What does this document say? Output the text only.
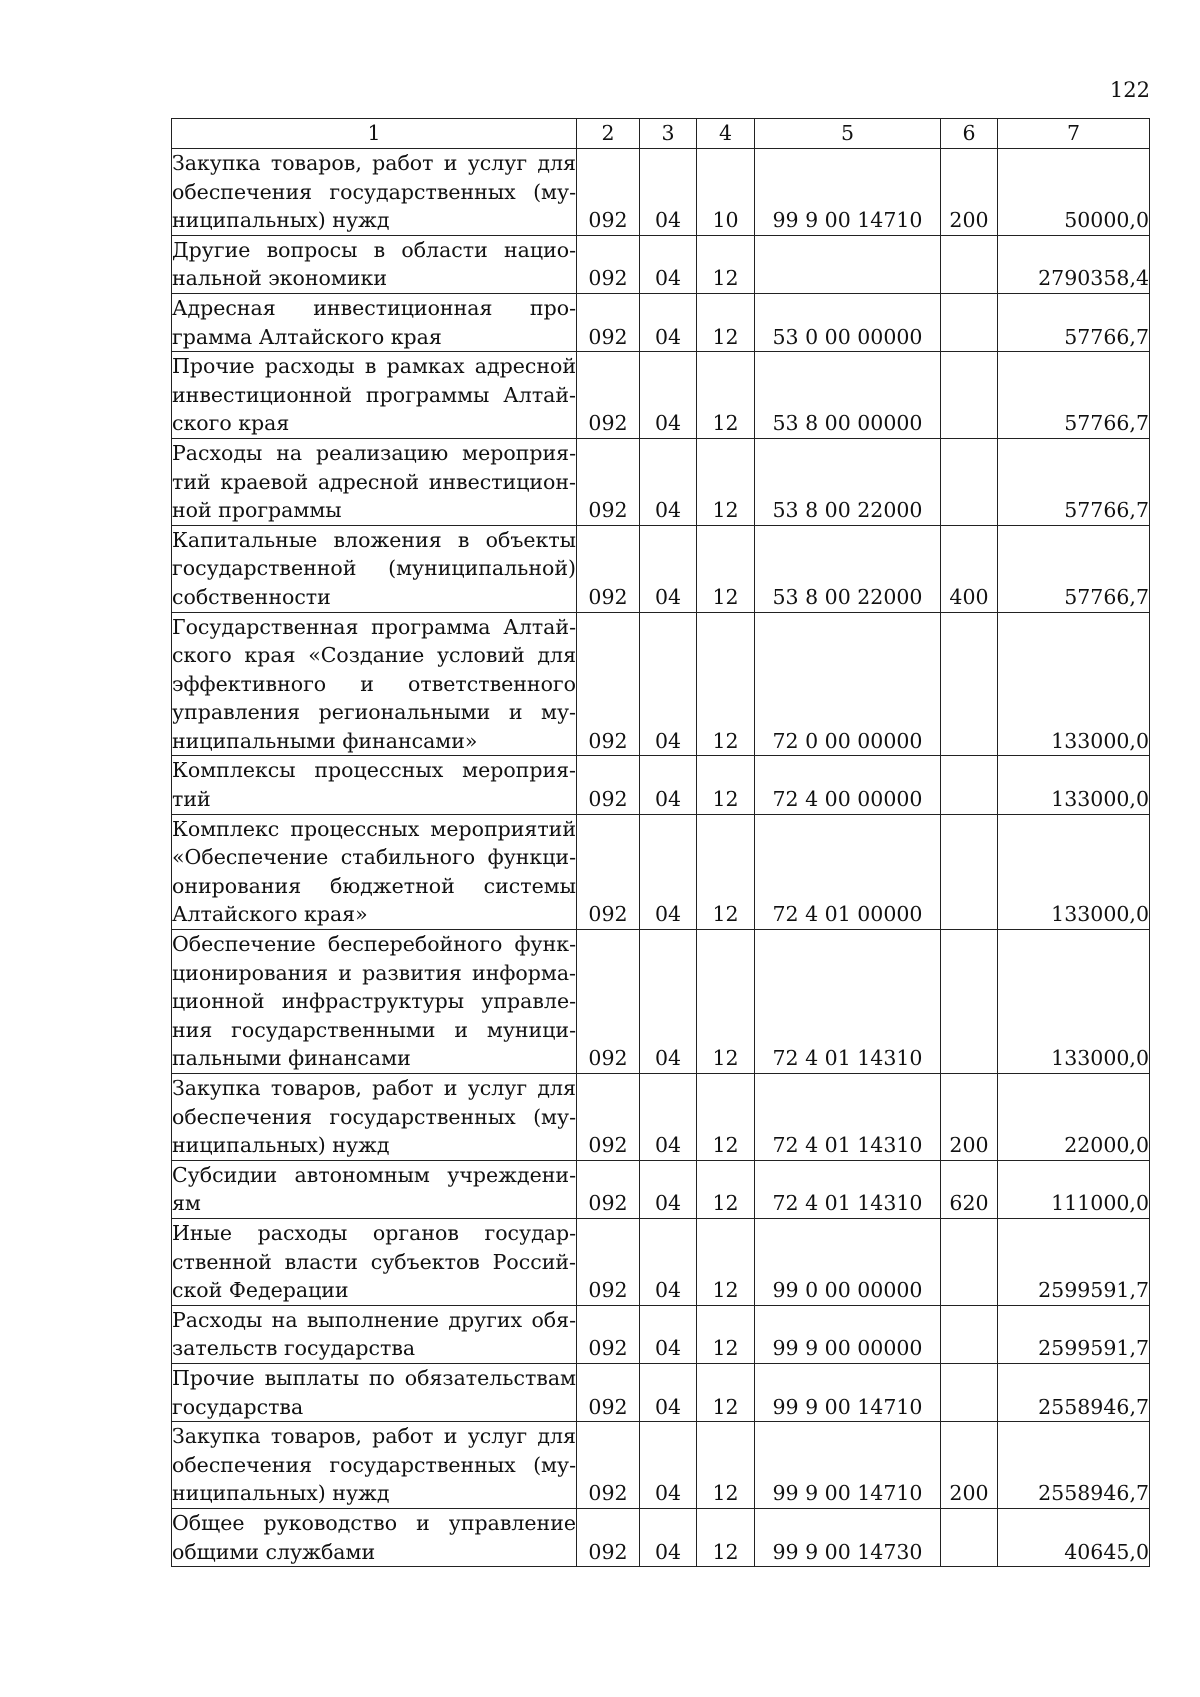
122
1	2	3	4	5	6	7
Закупка товаров, работ и услуг для обеспечения государственных (му-ниципальных) нужд	092	04	10	99 9 00 14710	200	50000,0
Другие вопросы в области нацио-нальной экономики	092	04	12			2790358,4
Адресная инвестиционная про-грамма Алтайского края	092	04	12	53 0 00 00000		57766,7
Прочие расходы в рамках адресной инвестиционной программы Алтай-ского края	092	04	12	53 8 00 00000		57766,7
Расходы на реализацию мероприя-тий краевой адресной инвестицион-ной программы	092	04	12	53 8 00 22000		57766,7
Капитальные вложения в объекты государственной (муниципальной) собственности	092	04	12	53 8 00 22000	400	57766,7
Государственная программа Алтай-ского края «Создание условий для эффективного и ответственного управления региональными и му-ниципальными финансами»	092	04	12	72 0 00 00000		133000,0
Комплексы процессных мероприя-тий	092	04	12	72 4 00 00000		133000,0
Комплекс процессных мероприятий «Обеспечение стабильного функци-онирования бюджетной системы Алтайского края»	092	04	12	72 4 01 00000		133000,0
Обеспечение бесперебойного функ-ционирования и развития информа-ционной инфраструктуры управле-ния государственными и муници-пальными финансами	092	04	12	72 4 01 14310		133000,0
Закупка товаров, работ и услуг для обеспечения государственных (му-ниципальных) нужд	092	04	12	72 4 01 14310	200	22000,0
Субсидии автономным учреждени-ям	092	04	12	72 4 01 14310	620	111000,0
Иные расходы органов государ-ственной власти субъектов Россий-ской Федерации	092	04	12	99 0 00 00000		2599591,7
Расходы на выполнение других обя-зательств государства	092	04	12	99 9 00 00000		2599591,7
Прочие выплаты по обязательствам государства	092	04	12	99 9 00 14710		2558946,7
Закупка товаров, работ и услуг для обеспечения государственных (му-ниципальных) нужд	092	04	12	99 9 00 14710	200	2558946,7
Общее руководство и управление общими службами	092	04	12	99 9 00 14730		40645,0
